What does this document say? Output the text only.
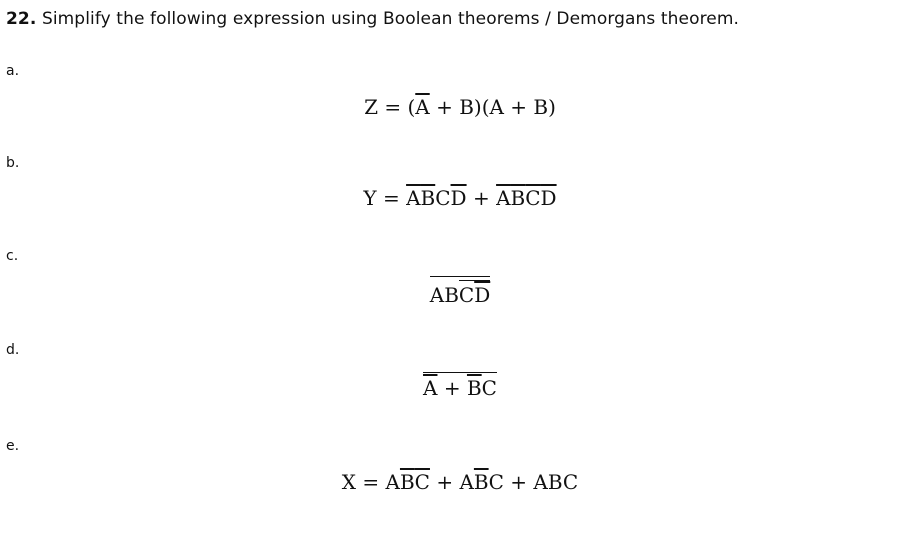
22. Simplify the following expression using Boolean theorems / Demorgans theorem.
a.
$Z = (\overline{A} + B)(A + B)$
b.
$Y = \overline{A}\overline{B}C\overline{D} + \overline{A}\overline{B}\overline{C}\overline{D}$
c.
$ABC\overline{D}$
d.
$\overline{A} + \overline{B}C$
e.
$X = A\overline{B}\overline{C} + A\overline{B}C$ + ABC
